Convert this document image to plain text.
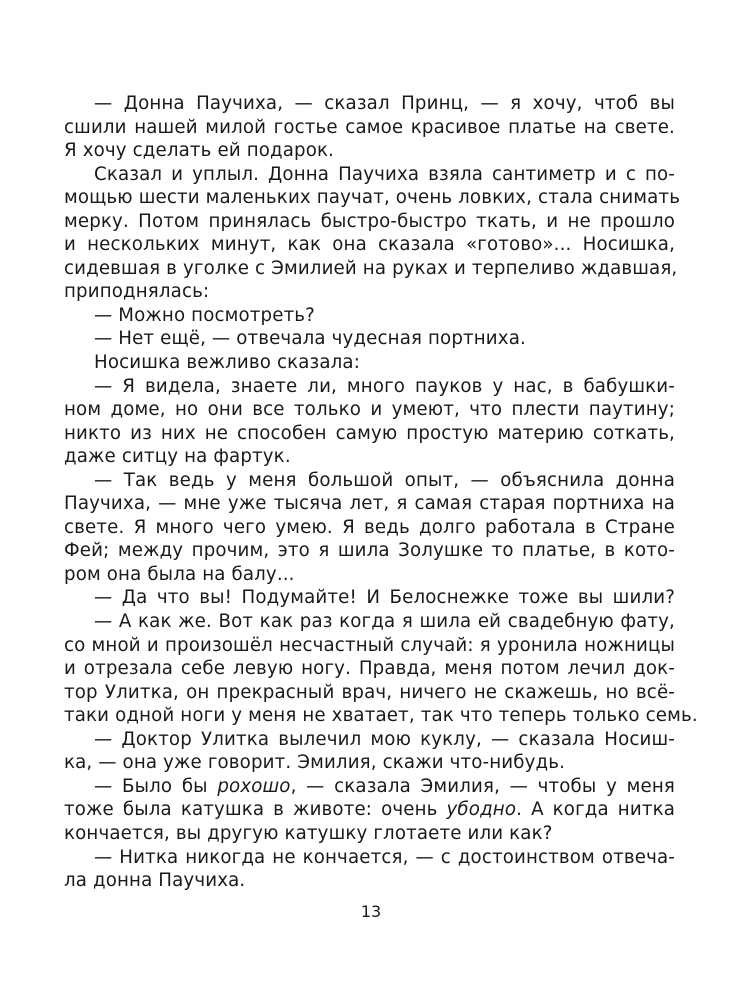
— Донна Паучиха, — сказал Принц, — я хочу, чтоб вы
сшили нашей милой гостье самое красивое платье на свете.
Я хочу сделать ей подарок.
Сказал и уплыл. Донна Паучиха взяла сантиметр и с по-
мощью шести маленьких паучат, очень ловких, стала снимать
мерку. Потом принялась быстро-быстро ткать, и не прошло
и нескольких минут, как она сказала «готово»... Носишка,
сидевшая в уголке с Эмилией на руках и терпеливо ждавшая,
приподнялась:
— Можно посмотреть?
— Нет ещё, — отвечала чудесная портниха.
Носишка вежливо сказала:
— Я видела, знаете ли, много пауков у нас, в бабушки-
ном доме, но они все только и умеют, что плести паутину;
никто из них не способен самую простую материю соткать,
даже ситцу на фартук.
— Так ведь у меня большой опыт, — объяснила донна
Паучиха, — мне уже тысяча лет, я самая старая портниха на
свете. Я много чего умею. Я ведь долго работала в Стране
Фей; между прочим, это я шила Золушке то платье, в кото-
ром она была на балу...
— Да что вы! Подумайте! И Белоснежке тоже вы шили?
— А как же. Вот как раз когда я шила ей свадебную фату,
со мной и произошёл несчастный случай: я уронила ножницы
и отрезала себе левую ногу. Правда, меня потом лечил док-
тор Улитка, он прекрасный врач, ничего не скажешь, но всё-
таки одной ноги у меня не хватает, так что теперь только семь.
— Доктор Улитка вылечил мою куклу, — сказала Носиш-
ка, — она уже говорит. Эмилия, скажи что-нибудь.
— Было бы рохошо, — сказала Эмилия, — чтобы у меня
тоже была катушка в животе: очень убодно. А когда нитка
кончается, вы другую катушку глотаете или как?
— Нитка никогда не кончается, — с достоинством отвеча-
ла донна Паучиха.
13
